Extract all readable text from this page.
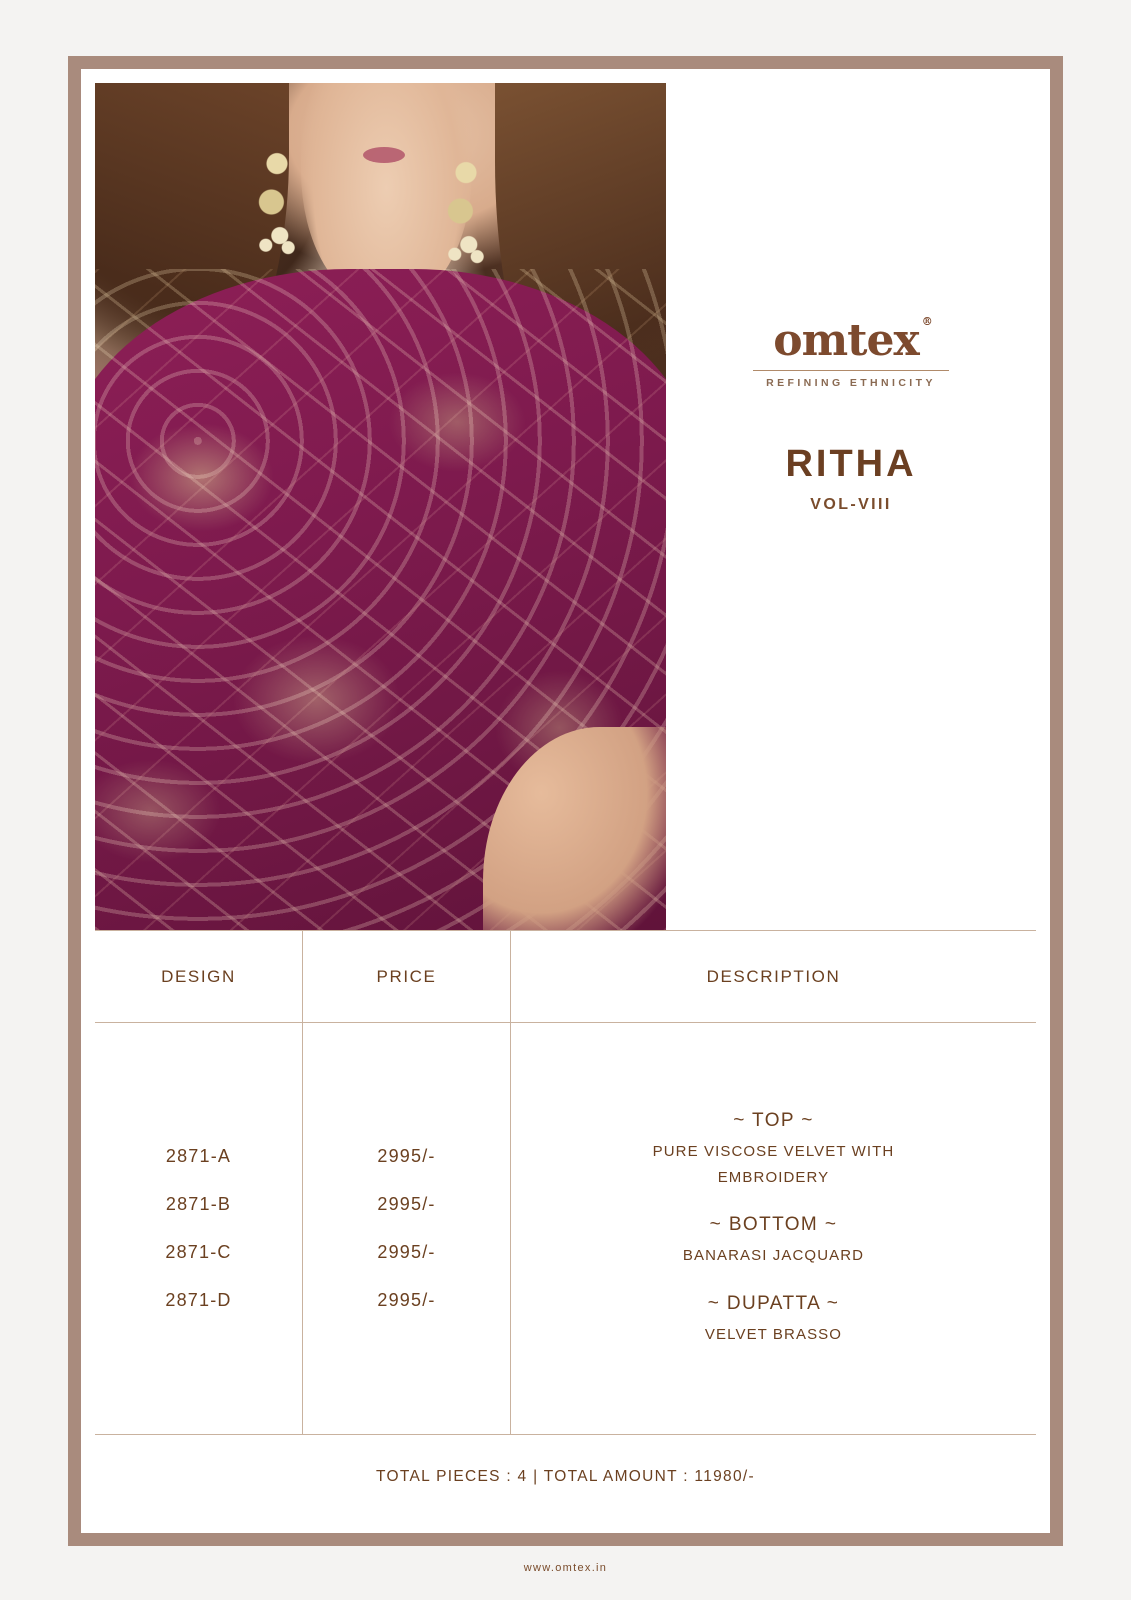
omtex ®
REFINING ETHNICITY
RITHA
VOL-VIII
DESIGN	PRICE	DESCRIPTION
2871-A
2871-B
2871-C
2871-D
2995/-
2995/-
2995/-
2995/-
~ TOP ~
PURE VISCOSE VELVET WITH EMBROIDERY
~ BOTTOM ~
BANARASI JACQUARD
~ DUPATTA ~
VELVET BRASSO
TOTAL PIECES : 4 | TOTAL AMOUNT : 11980/-
www.omtex.in
